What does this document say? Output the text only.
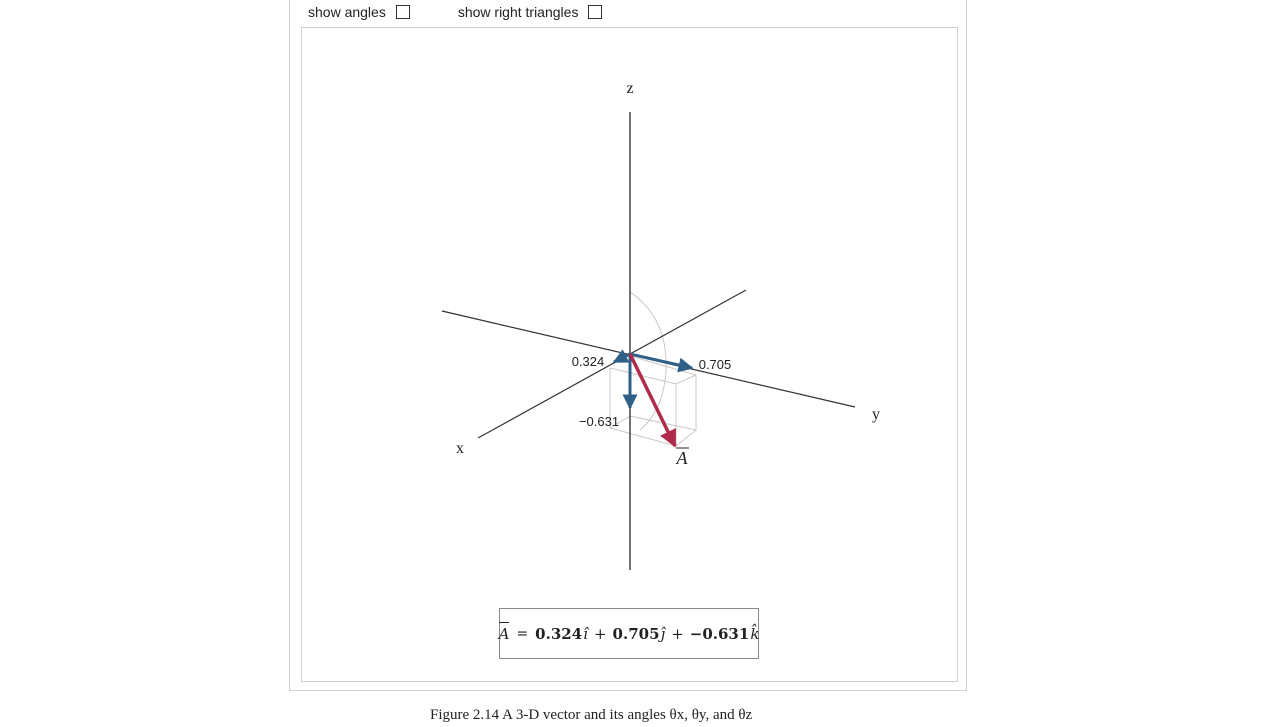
show angles	show right triangles
z
y
x
0.324	0.705
−0.631
A
A = 0.324 î + 0.705 ĵ + −0.631 k̂
Figure 2.14 A 3-D vector and its angles θx, θy, and θz
